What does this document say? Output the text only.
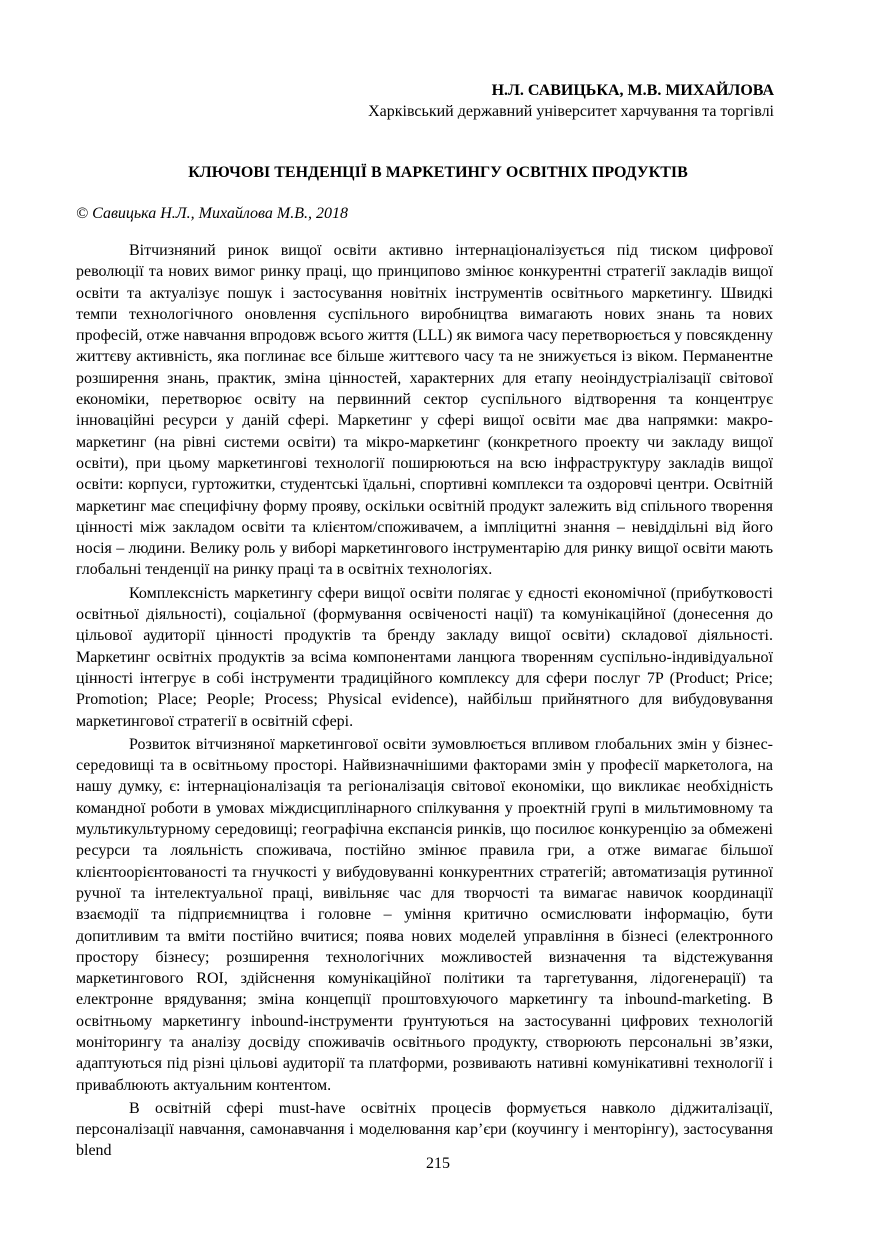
Н.Л. САВИЦЬКА, М.В. МИХАЙЛОВА
Харківський державний університет харчування та торгівлі
КЛЮЧОВІ ТЕНДЕНЦІЇ В МАРКЕТИНГУ ОСВІТНІХ ПРОДУКТІВ
© Савицька Н.Л., Михайлова М.В., 2018

Вітчизняний ринок вищої освіти активно інтернаціоналізується під тиском цифрової революції та нових вимог ринку праці, що принципово змінює конкурентні стратегії закладів вищої освіти та актуалізує пошук і застосування новітніх інструментів освітнього маркетингу. Швидкі темпи технологічного оновлення суспільного виробництва вимагають нових знань та нових професій, отже навчання впродовж всього життя (LLL) як вимога часу перетворюється у повсякденну життєву активність, яка поглинає все більше життєвого часу та не знижується із віком. Перманентне розширення знань, практик, зміна цінностей, характерних для етапу неоіндустріалізації світової економіки, перетворює освіту на первинний сектор суспільного відтворення та концентрує інноваційні ресурси у даній сфері. Маркетинг у сфері вищої освіти має два напрямки: макро-маркетинг (на рівні системи освіти) та мікро-маркетинг (конкретного проекту чи закладу вищої освіти), при цьому маркетингові технології поширюються на всю інфраструктуру закладів вищої освіти: корпуси, гуртожитки, студентські їдальні, спортивні комплекси та оздоровчі центри. Освітній маркетинг має специфічну форму прояву, оскільки освітній продукт залежить від спільного творення цінності між закладом освіти та клієнтом/споживачем, а імпліцитні знання – невіддільні від його носія – людини. Велику роль у виборі маркетингового інструментарію для ринку вищої освіти мають глобальні тенденції на ринку праці та в освітніх технологіях.

Комплексність маркетингу сфери вищої освіти полягає у єдності економічної (прибутковості освітньої діяльності), соціальної (формування освіченості нації) та комунікаційної (донесення до цільової аудиторії цінності продуктів та бренду закладу вищої освіти) складової діяльності. Маркетинг освітніх продуктів за всіма компонентами ланцюга творенням суспільно-індивідуальної цінності інтегрує в собі інструменти традиційного комплексу для сфери послуг 7P (Product; Price; Promotion; Place; People; Process; Physical evidence), найбільш прийнятного для вибудовування маркетингової стратегії в освітній сфері.

Розвиток вітчизняної маркетингової освіти зумовлюється впливом глобальних змін у бізнес-середовищі та в освітньому просторі. Найвизначнішими факторами змін у професії маркетолога, на нашу думку, є: інтернаціоналізація та регіоналізація світової економіки, що викликає необхідність командної роботи в умовах міждисциплінарного спілкування у проектній групі в мильтимовному та мультикультурному середовищі; географічна експансія ринків, що посилює конкуренцію за обмежені ресурси та лояльність споживача, постійно змінює правила гри, а отже вимагає більшої клієнтоорієнтованості та гнучкості у вибудовуванні конкурентних стратегій; автоматизація рутинної ручної та інтелектуальної праці, вивільняє час для творчості та вимагає навичок координації взаємодії та підприємництва і головне – уміння критично осмислювати інформацію, бути допитливим та вміти постійно вчитися; поява нових моделей управління в бізнесі (електронного простору бізнесу; розширення технологічних можливостей визначення та відстежування маркетингового ROI, здійснення комунікаційної політики та таргетування, лідогенерації) та електронне врядування; зміна концепції проштовхуючого маркетингу та inbound-marketing. В освітньому маркетингу inbound-інструменти ґрунтуються на застосуванні цифрових технологій моніторингу та аналізу досвіду споживачів освітнього продукту, створюють персональні зв’язки, адаптуються під різні цільові аудиторії та платформи, розвивають нативні комунікативні технології і приваблюють актуальним контентом.

В освітній сфері must-have освітніх процесів формується навколо діджиталізації, персоналізації навчання, самонавчання і моделювання кар’єри (коучингу і менторінгу), застосування blend

215
